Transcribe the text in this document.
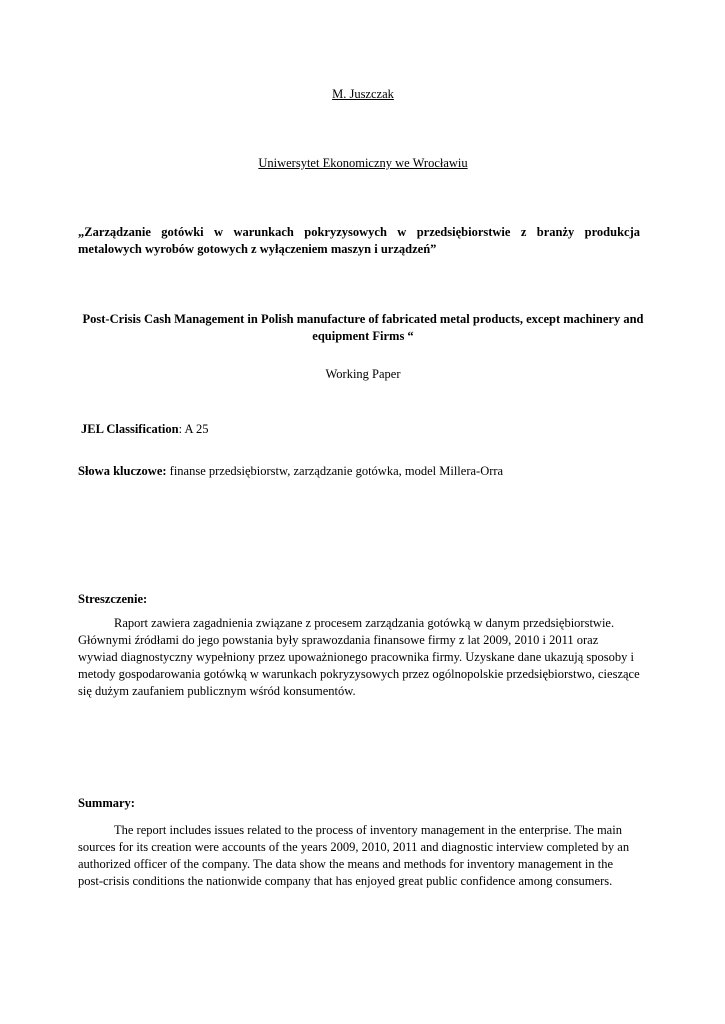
M. Juszczak
Uniwersytet Ekonomiczny we Wrocławiu
„Zarządzanie gotówki w warunkach pokryzysowych w przedsiębiorstwie z branży produkcja metalowych wyrobów gotowych z wyłączeniem maszyn i urządzeń”
Post-Crisis Cash Management in Polish manufacture of fabricated metal products, except machinery and equipment Firms “
Working Paper
JEL Classification: A 25
Słowa kluczowe: finanse przedsiębiorstw, zarządzanie gotówka, model Millera-Orra
Streszczenie:
Raport zawiera zagadnienia związane z procesem zarządzania gotówką w danym przedsiębiorstwie. Głównymi źródłami do jego powstania były sprawozdania finansowe firmy z lat 2009, 2010 i 2011 oraz wywiad diagnostyczny wypełniony przez upoważnionego pracownika firmy. Uzyskane dane ukazują sposoby i metody gospodarowania gotówką w warunkach pokryzysowych przez ogólnopolskie przedsiębiorstwo, cieszące się dużym zaufaniem publicznym wśród konsumentów.
Summary:
The report includes issues related to the process of inventory management in the enterprise. The main sources for its creation were accounts of the years 2009, 2010, 2011 and diagnostic interview completed by an authorized officer of the company. The data show the means and methods for inventory management in the post-crisis conditions the nationwide company that has enjoyed great public confidence among consumers.
